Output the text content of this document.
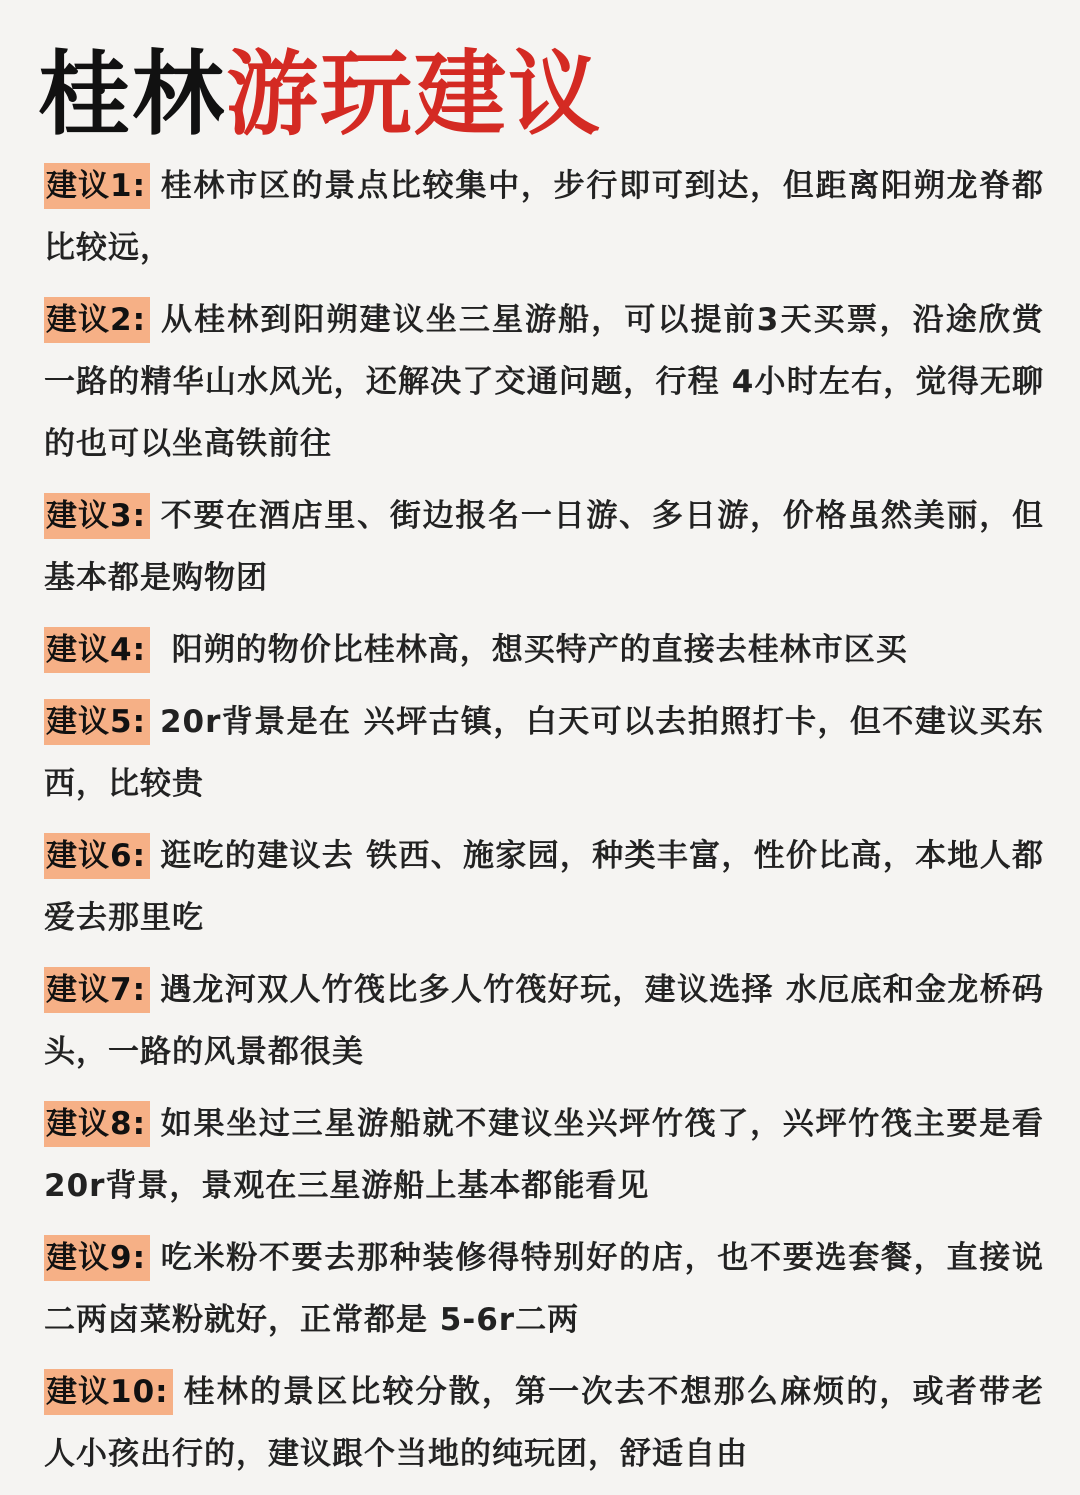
桂林游玩建议

建议1: 桂林市区的景点比较集中，步行即可到达，但距离阳朔龙脊都比较远，

建议2: 从桂林到阳朔建议坐三星游船，可以提前3天买票，沿途欣赏一路的精华山水风光，还解决了交通问题，行程 4小时左右，觉得无聊的也可以坐高铁前往

建议3: 不要在酒店里、街边报名一日游、多日游，价格虽然美丽，但基本都是购物团

建议4: 阳朔的物价比桂林高，想买特产的直接去桂林市区买

建议5: 20r背景是在 兴坪古镇，白天可以去拍照打卡，但不建议买东西，比较贵

建议6: 逛吃的建议去 铁西、施家园，种类丰富，性价比高，本地人都爱去那里吃

建议7: 遇龙河双人竹筏比多人竹筏好玩，建议选择 水厄底和金龙桥码头，一路的风景都很美

建议8: 如果坐过三星游船就不建议坐兴坪竹筏了，兴坪竹筏主要是看20r背景，景观在三星游船上基本都能看见

建议9: 吃米粉不要去那种装修得特别好的店，也不要选套餐，直接说二两卤菜粉就好，正常都是 5-6r二两

建议10: 桂林的景区比较分散，第一次去不想那么麻烦的，或者带老人小孩出行的，建议跟个当地的纯玩团，舒适自由
